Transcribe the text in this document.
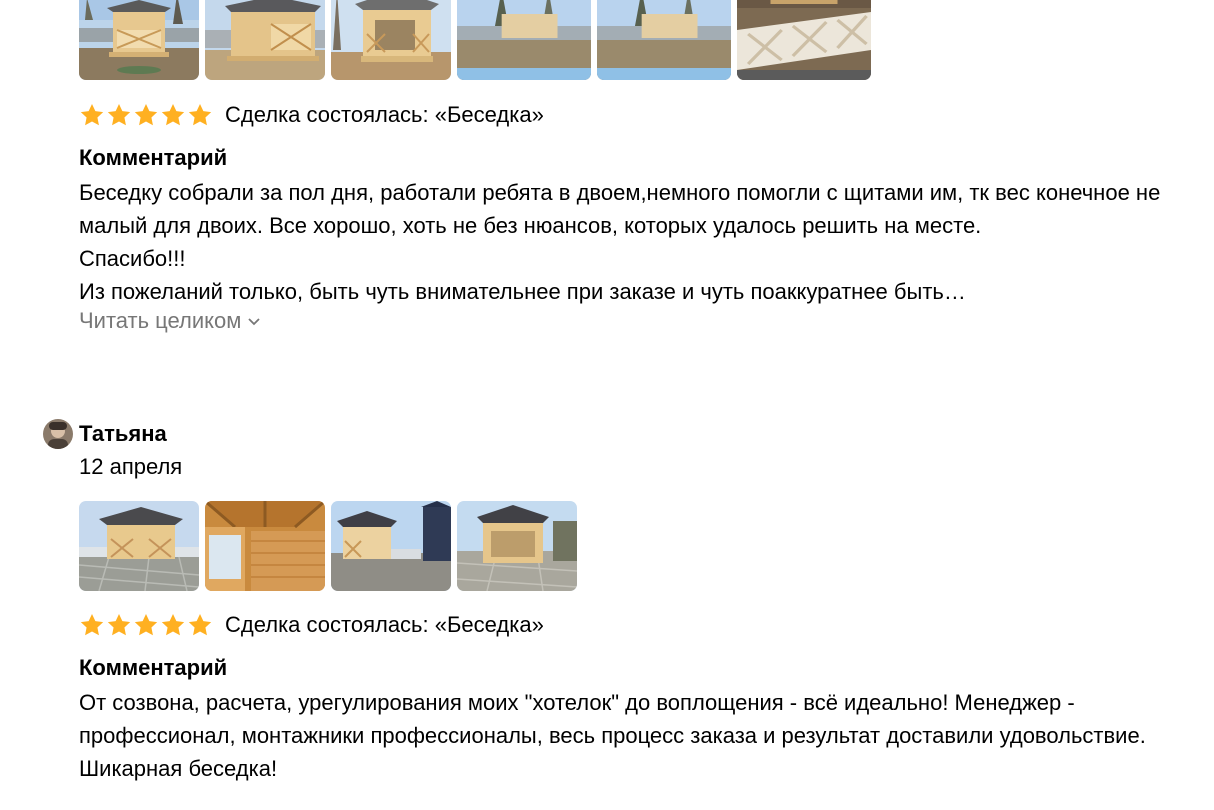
Сделка состоялась: «Беседка»
Комментарий

Беседку собрали за пол дня, работали ребята в двоем,немного помогли с щитами им, тк вес конечное не малый для двоих. Все хорошо, хоть не без нюансов, которых удалось решить на месте.

Спасибо!!!

Из пожеланий только, быть чуть внимательнее при заказе и чуть поаккуратнее быть…

Читать целиком
Татьяна
12 апреля
Сделка состоялась: «Беседка»
Комментарий
От созвона, расчета, урегулирования моих "хотелок" до воплощения - всё идеально! Менеджер - профессионал, монтажники профессионалы, весь процесс заказа и результат доставили удовольствие. Шикарная беседка!
